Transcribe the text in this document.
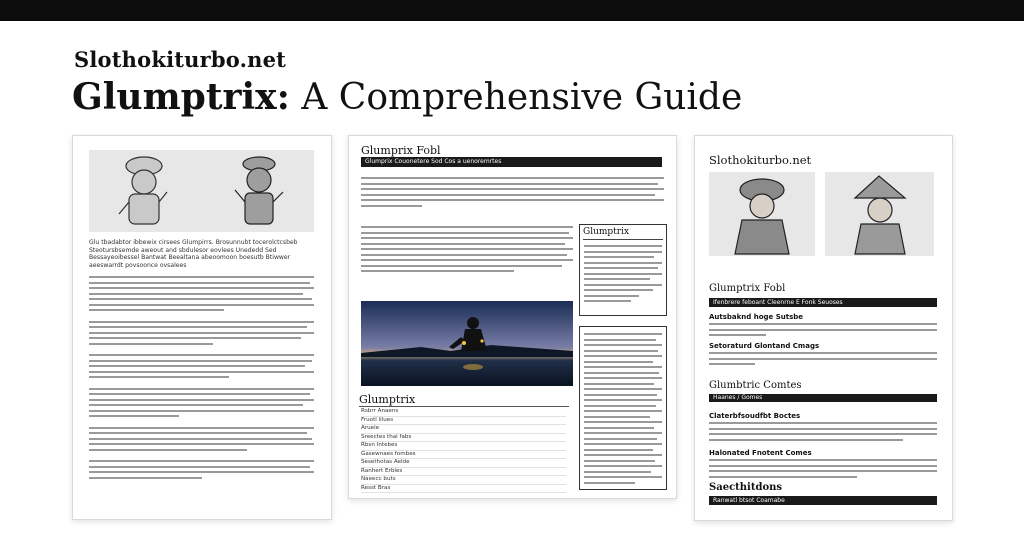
Slothokiturbo.net
Glumptrix: A Comprehensive Guide
Glu tbadabtor ibbewix cirsees Glumpirrs. Brosunnubt tocerolctcsbeb Steotursbsemde aweout and sbdulesor eovlees Unededd Sed Bessayeoibessel Bantwat Beealtana abeoomoon boesutb Btiwwer aeeswarrdt povsoonce ovsalees
Glumprix Fobl
Glumprix Couonetere Sod Cos a uenoremrtes
Glumptrix
Glumptrix
Rsbrr Anaens
Fruotl lilues
Aruele
Sreectes thai fabs
Rbsn Intebes
Gasewnaes fombes
Sesethotas Aelde
Ranhert Erbles
Naeecc buts
Resst Bras
Slothokiturbo.net
Glumptrix Fobl
Ifenbrere feboant Cleenrne E Fonk Seuoses
Autsbaknd hoge Sutsbe
Setoraturd Glontand Cmags
Glumbtric Comtes
Haanes / Gomes
Claterbfsoudfbt Boctes
Halonated Fnotent Comes
Saecthitdons
Ranwatl btsot Coamabe
